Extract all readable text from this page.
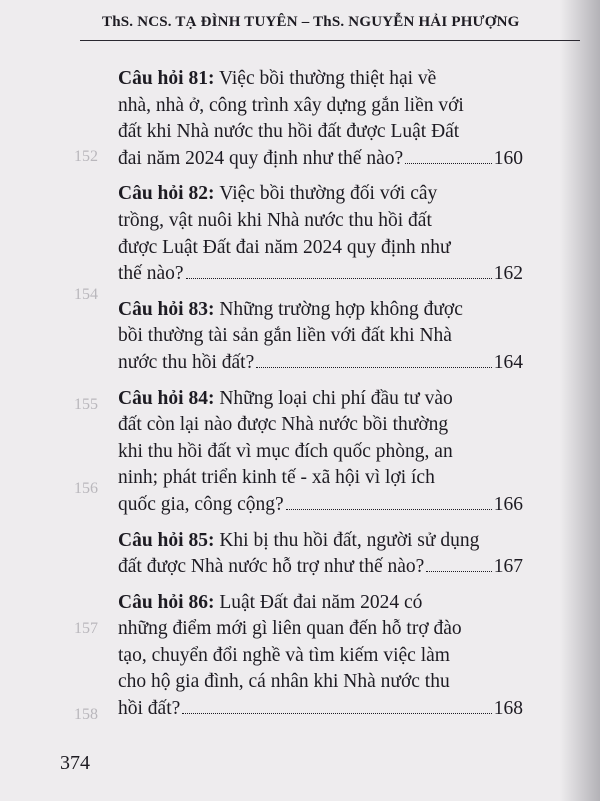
ThS. NCS. TẠ ĐÌNH TUYÊN – ThS. NGUYỄN HẢI PHƯỢNG
152
154
155
156
157
158
Câu hỏi 81: Việc bồi thường thiệt hại về
nhà, nhà ở, công trình xây dựng gắn liền với
đất khi Nhà nước thu hồi đất được Luật Đất
đai năm 2024 quy định như thế nào?	160
Câu hỏi 82:
Việc bồi thường đối với cây
trồng, vật nuôi khi Nhà nước thu hồi đất
được Luật Đất đai năm 2024 quy định như
thế nào?	162
Câu hỏi 83:
Những trường hợp không được
bồi thường tài sản gắn liền với đất khi Nhà
nước thu hồi đất?	164
Câu hỏi 84:
Những loại chi phí đầu tư vào
đất còn lại nào được Nhà nước bồi thường
khi thu hồi đất vì mục đích quốc phòng, an
ninh; phát triển kinh tế - xã hội vì lợi ích
quốc gia, công cộng?	166
Câu hỏi 85:
Khi bị thu hồi đất, người sử dụng
đất được Nhà nước hỗ trợ như thế nào?	167
Câu hỏi 86:
Luật Đất đai năm 2024 có
những điểm mới gì liên quan đến hỗ trợ đào
tạo, chuyển đổi nghề và tìm kiếm việc làm
cho hộ gia đình, cá nhân khi Nhà nước thu
hồi đất?	168
374
